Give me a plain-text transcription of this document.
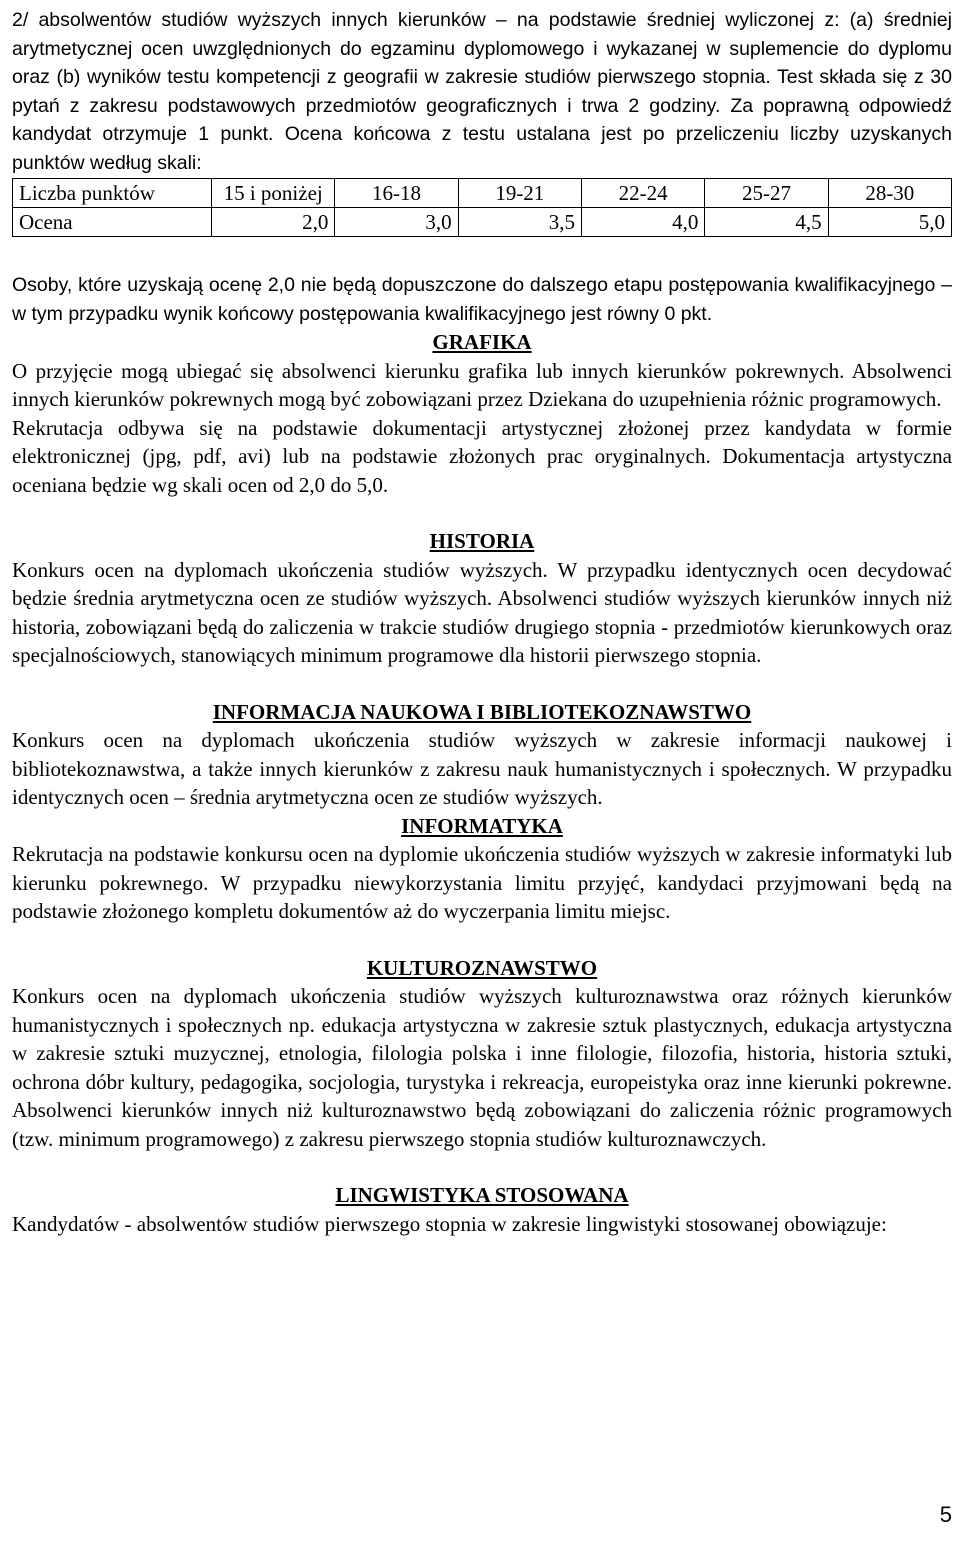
2/ absolwentów studiów wyższych innych kierunków – na podstawie średniej wyliczonej z: (a) średniej arytmetycznej ocen uwzględnionych do egzaminu dyplomowego i wykazanej w suplemencie do dyplomu oraz (b) wyników testu kompetencji z geografii w zakresie studiów pierwszego stopnia. Test składa się z 30 pytań z zakresu podstawowych przedmiotów geograficznych i trwa 2 godziny. Za poprawną odpowiedź kandydat otrzymuje 1 punkt. Ocena końcowa z testu ustalana jest po przeliczeniu liczby uzyskanych punktów według skali:

Liczba punktów	15 i poniżej	16-18	19-21	22-24	25-27	28-30
Ocena	2,0	3,0	3,5	4,0	4,5	5,0

Osoby, które uzyskają ocenę 2,0 nie będą dopuszczone do dalszego etapu postępowania kwalifikacyjnego – w tym przypadku wynik końcowy postępowania kwalifikacyjnego jest równy 0 pkt.

GRAFIKA

O przyjęcie mogą ubiegać się absolwenci kierunku grafika lub innych kierunków pokrewnych. Absolwenci innych kierunków pokrewnych mogą być zobowiązani przez Dziekana do uzupełnienia różnic programowych.

Rekrutacja odbywa się na podstawie dokumentacji artystycznej złożonej przez kandydata w formie elektronicznej (jpg, pdf, avi) lub na podstawie złożonych prac oryginalnych. Dokumentacja artystyczna oceniana będzie wg skali ocen od 2,0 do 5,0.

HISTORIA

Konkurs ocen na dyplomach ukończenia studiów wyższych. W przypadku identycznych ocen decydować będzie średnia arytmetyczna ocen ze studiów wyższych. Absolwenci studiów wyższych kierunków innych niż historia, zobowiązani będą do zaliczenia w trakcie studiów drugiego stopnia - przedmiotów kierunkowych oraz specjalnościowych, stanowiących minimum programowe dla historii pierwszego stopnia.

INFORMACJA NAUKOWA I BIBLIOTEKOZNAWSTWO

Konkurs ocen na dyplomach ukończenia studiów wyższych w zakresie informacji naukowej i bibliotekoznawstwa, a także innych kierunków z zakresu nauk humanistycznych i społecznych. W przypadku identycznych ocen – średnia arytmetyczna ocen ze studiów wyższych.

INFORMATYKA

Rekrutacja na podstawie konkursu ocen na dyplomie ukończenia studiów wyższych w zakresie informatyki lub kierunku pokrewnego. W przypadku niewykorzystania limitu przyjęć, kandydaci przyjmowani będą na podstawie złożonego kompletu dokumentów aż do wyczerpania limitu miejsc.

KULTUROZNAWSTWO

Konkurs ocen na dyplomach ukończenia studiów wyższych kulturoznawstwa oraz różnych kierunków humanistycznych i społecznych np. edukacja artystyczna w zakresie sztuk plastycznych, edukacja artystyczna w zakresie sztuki muzycznej, etnologia, filologia polska i inne filologie, filozofia, historia, historia sztuki, ochrona dóbr kultury, pedagogika, socjologia, turystyka i rekreacja, europeistyka oraz inne kierunki pokrewne. Absolwenci kierunków innych niż kulturoznawstwo będą zobowiązani do zaliczenia różnic programowych (tzw. minimum programowego) z zakresu pierwszego stopnia studiów kulturoznawczych.

LINGWISTYKA STOSOWANA

Kandydatów - absolwentów studiów pierwszego stopnia w zakresie lingwistyki stosowanej obowiązuje:

5
